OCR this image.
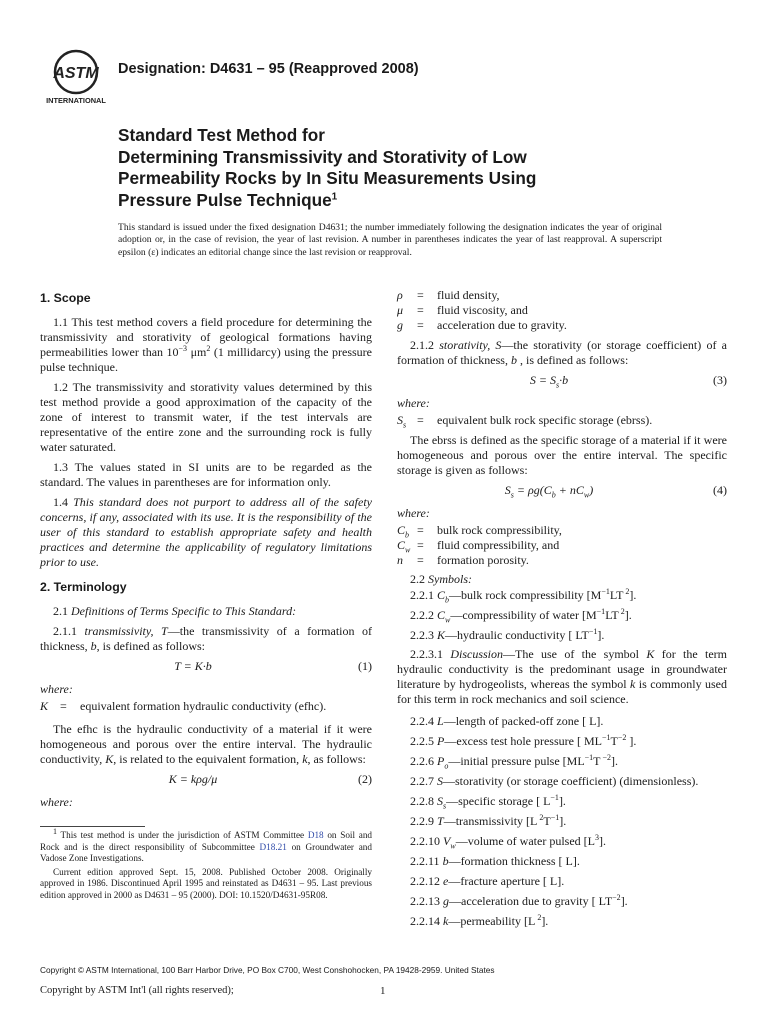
ASTM
INTERNATIONAL
Designation: D4631 – 95 (Reapproved 2008)
Standard Test Method for
Determining Transmissivity and Storativity of Low
Permeability Rocks by In Situ Measurements Using
Pressure Pulse Technique$^1$
This standard is issued under the fixed designation D4631; the number immediately following the designation indicates the year of original adoption or, in the case of revision, the year of last revision. A number in parentheses indicates the year of last reapproval. A superscript epsilon (ε) indicates an editorial change since the last revision or reapproval.

1. Scope

1.1 This test method covers a field procedure for determining the transmissivity and storativity of geological formations having permeabilities lower than $10^{-3}$ $\mu m^2$ (1 millidarcy) using the pressure pulse technique.

1.2 The transmissivity and storativity values determined by this test method provide a good approximation of the capacity of the zone of interest to transmit water, if the test intervals are representative of the entire zone and the surrounding rock is fully water saturated.

1.3 The values stated in SI units are to be regarded as the standard. The values in parentheses are for information only.

1.4 This standard does not purport to address all of the safety concerns, if any, associated with its use. It is the responsibility of the user of this standard to establish appropriate safety and health practices and determine the applicability of regulatory limitations prior to use.

2. Terminology

2.1 Definitions of Terms Specific to This Standard:

2.1.1 transmissivity, T—the transmissivity of a formation of thickness, b, is defined as follows:

T = K·b	(1)
where:
K =	equivalent formation hydraulic conductivity (efhc).

The efhc is the hydraulic conductivity of a material if it were homogeneous and porous over the entire interval. The hydraulic conductivity, K, is related to the equivalent formation, k, as follows:

K = kρg/μ	(2)
where:
ρ	=	fluid density,
μ	=	fluid viscosity, and
g	=	acceleration due to gravity.

2.1.2 storativity, S—the storativity (or storage coefficient) of a formation of thickness, b , is defined as follows:

$S = S_s\cdot b$	(3)
where:
$S_s$ =	equivalent bulk rock specific storage (ebrss).

The ebrss is defined as the specific storage of a material if it were homogeneous and porous over the entire interval. The specific storage is given as follows:

$S_s = \rho g(C_b + nC_w)$	(4)
where:
$C_b$ =	bulk rock compressibility,
$C_w$ =	fluid compressibility, and
n	=	formation porosity.

2.2 Symbols:

2.2.1 $C_b—bulk$ rock compressibility [$M^{-1}LT$ $^2$].

2.2.2 $C_w—compressibility$ of water [$M^{-1}LT$ $^2$].

2.2.3 K—hydraulic conductivity [ $LT^{-1}$].

2.2.3.1 Discussion—The use of the symbol K for the term hydraulic conductivity is the predominant usage in groundwater literature by hydrogeolists, whereas the symbol k is commonly used for this term in rock mechanics and soil science.

2.2.4 L—length of packed-off zone [ L].

2.2.5 P—excess test hole pressure [ $ML^{-1}T^{-2}$ ].

2.2.6 $P_o—initial$ pressure pulse [$ML^{-1}T$ $^{-2}$].

2.2.7 S—storativity (or storage coefficient) (dimensionless).

2.2.8 $S_s—specific$ storage [ $L^{-1}$].

2.2.9 T—transmissivity [L $^2T^{-1}$].

2.2.10 $V_w—volume$ of water pulsed $[L^3]$.

2.2.11 b—formation thickness [ L].

2.2.12 e—fracture aperture [ L].

2.2.13 g—acceleration due to gravity [ $LT^{-2}$].

2.2.14 k—permeability [L $^2$].

$^1$ This test method is under the jurisdiction of ASTM Committee D18 on Soil and Rock and is the direct responsibility of Subcommittee D18.21 on Groundwater and Vadose Zone Investigations.

Current edition approved Sept. 15, 2008. Published October 2008. Originally approved in 1986. Discontinued April 1995 and reinstated as D4631 – 95. Last previous edition approved in 2000 as D4631 – 95 (2000). DOI: 10.1520/D4631-95R08.

Copyright © ASTM International, 100 Barr Harbor Drive, PO Box C700, West Conshohocken, PA 19428-2959. United States
Copyright by ASTM Int'l (all rights reserved);	1
